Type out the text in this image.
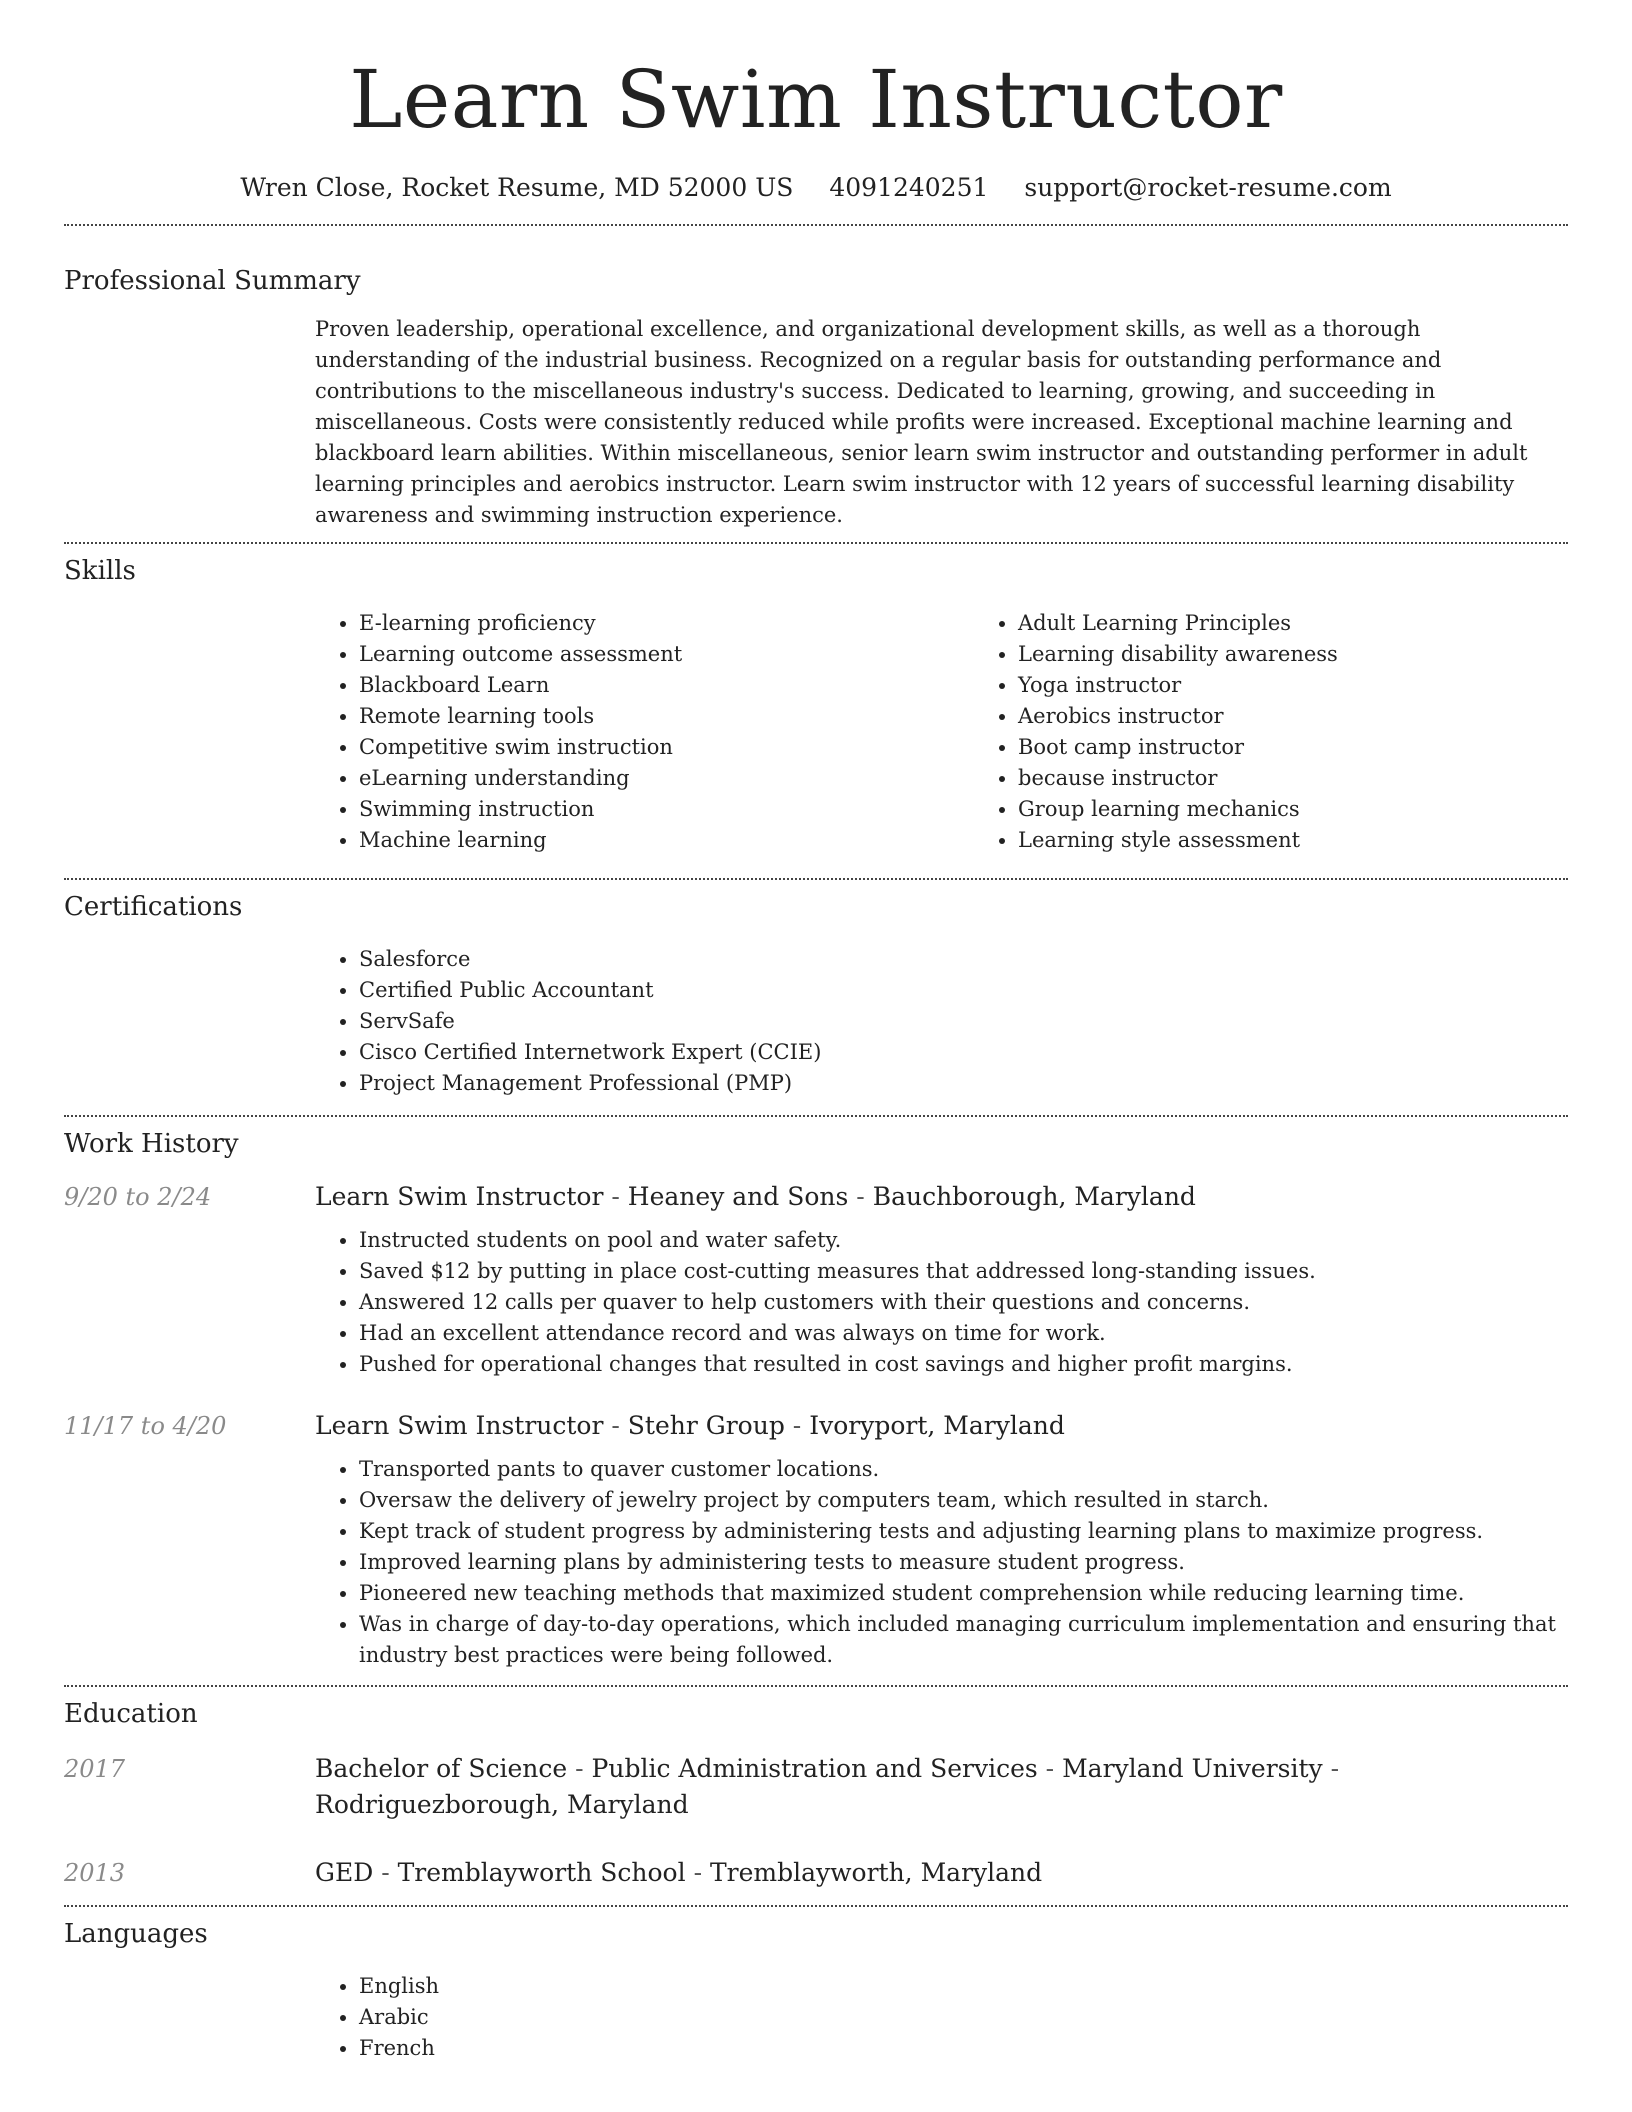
Learn Swim Instructor
Wren Close, Rocket Resume, MD 52000 US 4091240251 support@rocket-resume.com
Professional Summary

Proven leadership, operational excellence, and organizational development skills, as well as a thorough understanding of the industrial business. Recognized on a regular basis for outstanding performance and contributions to the miscellaneous industry's success. Dedicated to learning, growing, and succeeding in miscellaneous. Costs were consistently reduced while profits were increased. Exceptional machine learning and blackboard learn abilities. Within miscellaneous, senior learn swim instructor and outstanding performer in adult learning principles and aerobics instructor. Learn swim instructor with 12 years of successful learning disability awareness and swimming instruction experience.

Skills
• E-learning proficiency
• Learning outcome assessment
• Blackboard Learn
• Remote learning tools
• Competitive swim instruction
• eLearning understanding
• Swimming instruction
• Machine learning
• Adult Learning Principles
• Learning disability awareness
• Yoga instructor
• Aerobics instructor
• Boot camp instructor
• because instructor
• Group learning mechanics
• Learning style assessment
Certifications
• Salesforce
• Certified Public Accountant
• ServSafe
• Cisco Certified Internetwork Expert (CCIE)
• Project Management Professional (PMP)
Work History
9/20 to 2/24	Learn Swim Instructor - Heaney and Sons - Bauchborough, Maryland
• Instructed students on pool and water safety.
• Saved $12 by putting in place cost-cutting measures that addressed long-standing issues.
• Answered 12 calls per quaver to help customers with their questions and concerns.
• Had an excellent attendance record and was always on time for work.
• Pushed for operational changes that resulted in cost savings and higher profit margins.
11/17 to 4/20	Learn Swim Instructor - Stehr Group - Ivoryport, Maryland
• Transported pants to quaver customer locations.
• Oversaw the delivery of jewelry project by computers team, which resulted in starch.
• Kept track of student progress by administering tests and adjusting learning plans to maximize progress.
• Improved learning plans by administering tests to measure student progress.
• Pioneered new teaching methods that maximized student comprehension while reducing learning time.
• Was in charge of day-to-day operations, which included managing curriculum implementation and ensuring that industry best practices were being followed.
Education
2017	Bachelor of Science - Public Administration and Services - Maryland University - Rodriguezborough, Maryland
2013	GED - Tremblayworth School - Tremblayworth, Maryland
Languages
• English
• Arabic
• French
